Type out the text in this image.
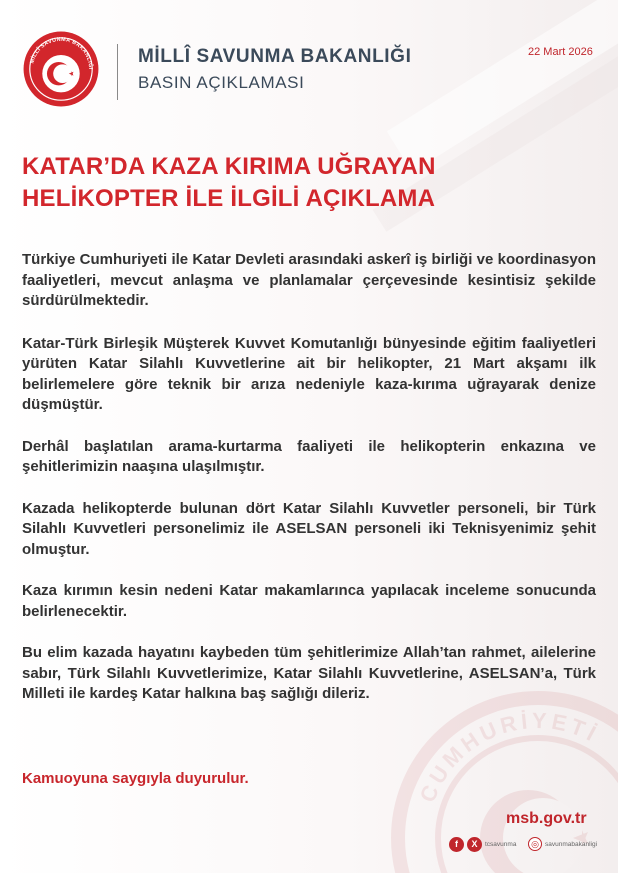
CUMHURİYETİ
MİLLÎ SAVUNMA BAKANLIĞI
MİLLÎ SAVUNMA BAKANLIĞI
BASIN AÇIKLAMASI
22 Mart 2026
KATAR’DA KAZA KIRIMA UĞRAYAN
HELİKOPTER İLE İLGİLİ AÇIKLAMA

Türkiye Cumhuriyeti ile Katar Devleti arasındaki askerî iş birliği ve koordinasyon faaliyetleri, mevcut anlaşma ve planlamalar çerçevesinde kesintisiz şekilde sürdürülmektedir.

Katar-Türk Birleşik Müşterek Kuvvet Komutanlığı bünyesinde eğitim faaliyetleri yürüten Katar Silahlı Kuvvetlerine ait bir helikopter, 21 Mart akşamı ilk belirlemelere göre teknik bir arıza nedeniyle kaza-kırıma uğrayarak denize düşmüştür.

Derhâl başlatılan arama-kurtarma faaliyeti ile helikopterin enkazına ve şehitlerimizin naaşına ulaşılmıştır.

Kazada helikopterde bulunan dört Katar Silahlı Kuvvetler personeli, bir Türk Silahlı Kuvvetleri personelimiz ile ASELSAN personeli iki Teknisyenimiz şehit olmuştur.

Kaza kırımın kesin nedeni Katar makamlarınca yapılacak inceleme sonucunda belirlenecektir.

Bu elim kazada hayatını kaybeden tüm şehitlerimize Allah’tan rahmet, ailelerine sabır, Türk Silahlı Kuvvetlerimize, Katar Silahlı Kuvvetlerine, ASELSAN’a, Türk Milleti ile kardeş Katar halkına baş sağlığı dileriz.

Kamuoyuna saygıyla duyurulur.
msb.gov.tr
f	X	tcsavunma	◎ savunmabakanligi
